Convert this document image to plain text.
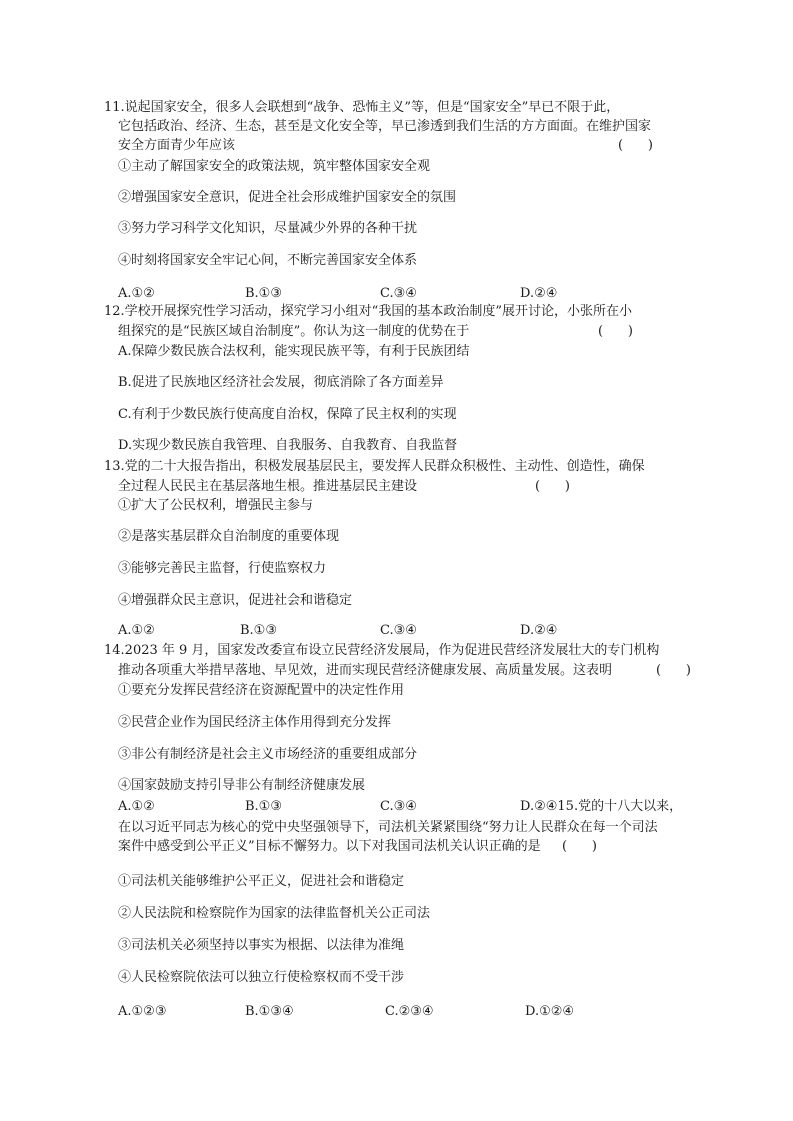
11.说起国家安全，很多人会联想到“战争、恐怖主义”等，但是“国家安全”早已不限于此，
它包括政治、经济、生态，甚至是文化安全等，早已渗透到我们生活的方方面面。在维护国家
安全方面青少年应该	(      )
①主动了解国家安全的政策法规，筑牢整体国家安全观
②增强国家安全意识，促进全社会形成维护国家安全的氛围
③努力学习科学文化知识，尽量减少外界的各种干扰
④时刻将国家安全牢记心间，不断完善国家安全体系
A.①②	B.①③	C.③④	D.②④
12.学校开展探究性学习活动，探究学习小组对“我国的基本政治制度”展开讨论，小张所在小
组探究的是“民族区域自治制度”。你认为这一制度的优势在于	(      )
A.保障少数民族合法权利，能实现民族平等，有利于民族团结
B.促进了民族地区经济社会发展，彻底消除了各方面差异
C.有利于少数民族行使高度自治权，保障了民主权利的实现
D.实现少数民族自我管理、自我服务、自我教育、自我监督
13.党的二十大报告指出，积极发展基层民主，要发挥人民群众积极性、主动性、创造性，确保
全过程人民民主在基层落地生根。推进基层民主建设	(      )
①扩大了公民权利，增强民主参与
②是落实基层群众自治制度的重要体现
③能够完善民主监督，行使监察权力
④增强群众民主意识，促进社会和谐稳定
A.①②	B.①③	C.③④	D.②④
14.2023 年 9 月，国家发改委宣布设立民营经济发展局，作为促进民营经济发展壮大的专门机构
推动各项重大举措早落地、早见效，进而实现民营经济健康发展、高质量发展。这表明	(      )
①要充分发挥民营经济在资源配置中的决定性作用
②民营企业作为国民经济主体作用得到充分发挥
③非公有制经济是社会主义市场经济的重要组成部分
④国家鼓励支持引导非公有制经济健康发展
A.①②	B.①③	C.③④	D.②④15.党的十八大以来，
在以习近平同志为核心的党中央坚强领导下，司法机关紧紧围绕“努力让人民群众在每一个司法
案件中感受到公平正义”目标不懈努力。以下对我国司法机关认识正确的是 (      )
①司法机关能够维护公平正义，促进社会和谐稳定
②人民法院和检察院作为国家的法律监督机关公正司法
③司法机关必须坚持以事实为根据、以法律为准绳
④人民检察院依法可以独立行使检察权而不受干涉
A.①②③	B.①③④	C.②③④	D.①②④
